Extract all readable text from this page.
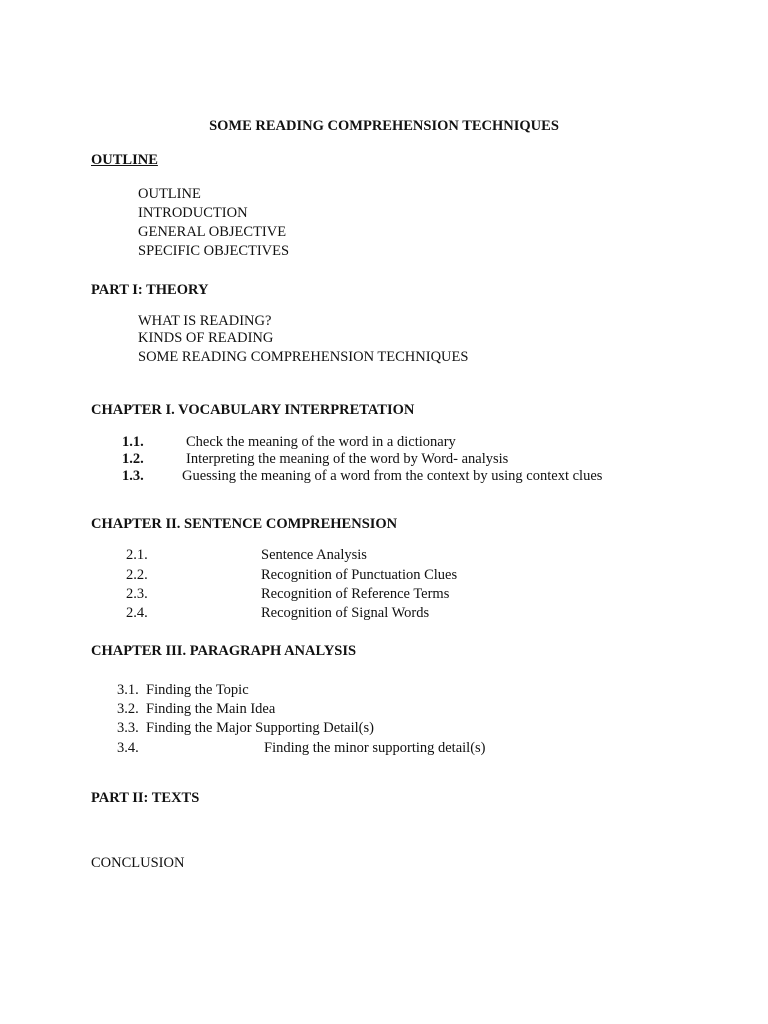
SOME READING COMPREHENSION TECHNIQUES
OUTLINE
OUTLINE
INTRODUCTION
GENERAL OBJECTIVE
SPECIFIC OBJECTIVES
PART I: THEORY
WHAT IS READING?
KINDS OF READING
SOME READING COMPREHENSION TECHNIQUES
CHAPTER I. VOCABULARY INTERPRETATION
1.1.	Check the meaning of the word in a dictionary
1.2.	Interpreting the meaning of the word by Word- analysis
1.3.	Guessing the meaning of a word from the context by using context clues
CHAPTER II. SENTENCE COMPREHENSION
2.1.	Sentence Analysis
2.2.	Recognition of Punctuation Clues
2.3.	Recognition of Reference Terms
2.4.	Recognition of Signal Words
CHAPTER III. PARAGRAPH ANALYSIS
3.1. Finding the Topic
3.2. Finding the Main Idea
3.3. Finding the Major Supporting Detail(s)
3.4.	Finding the minor supporting detail(s)
PART II: TEXTS
CONCLUSION
